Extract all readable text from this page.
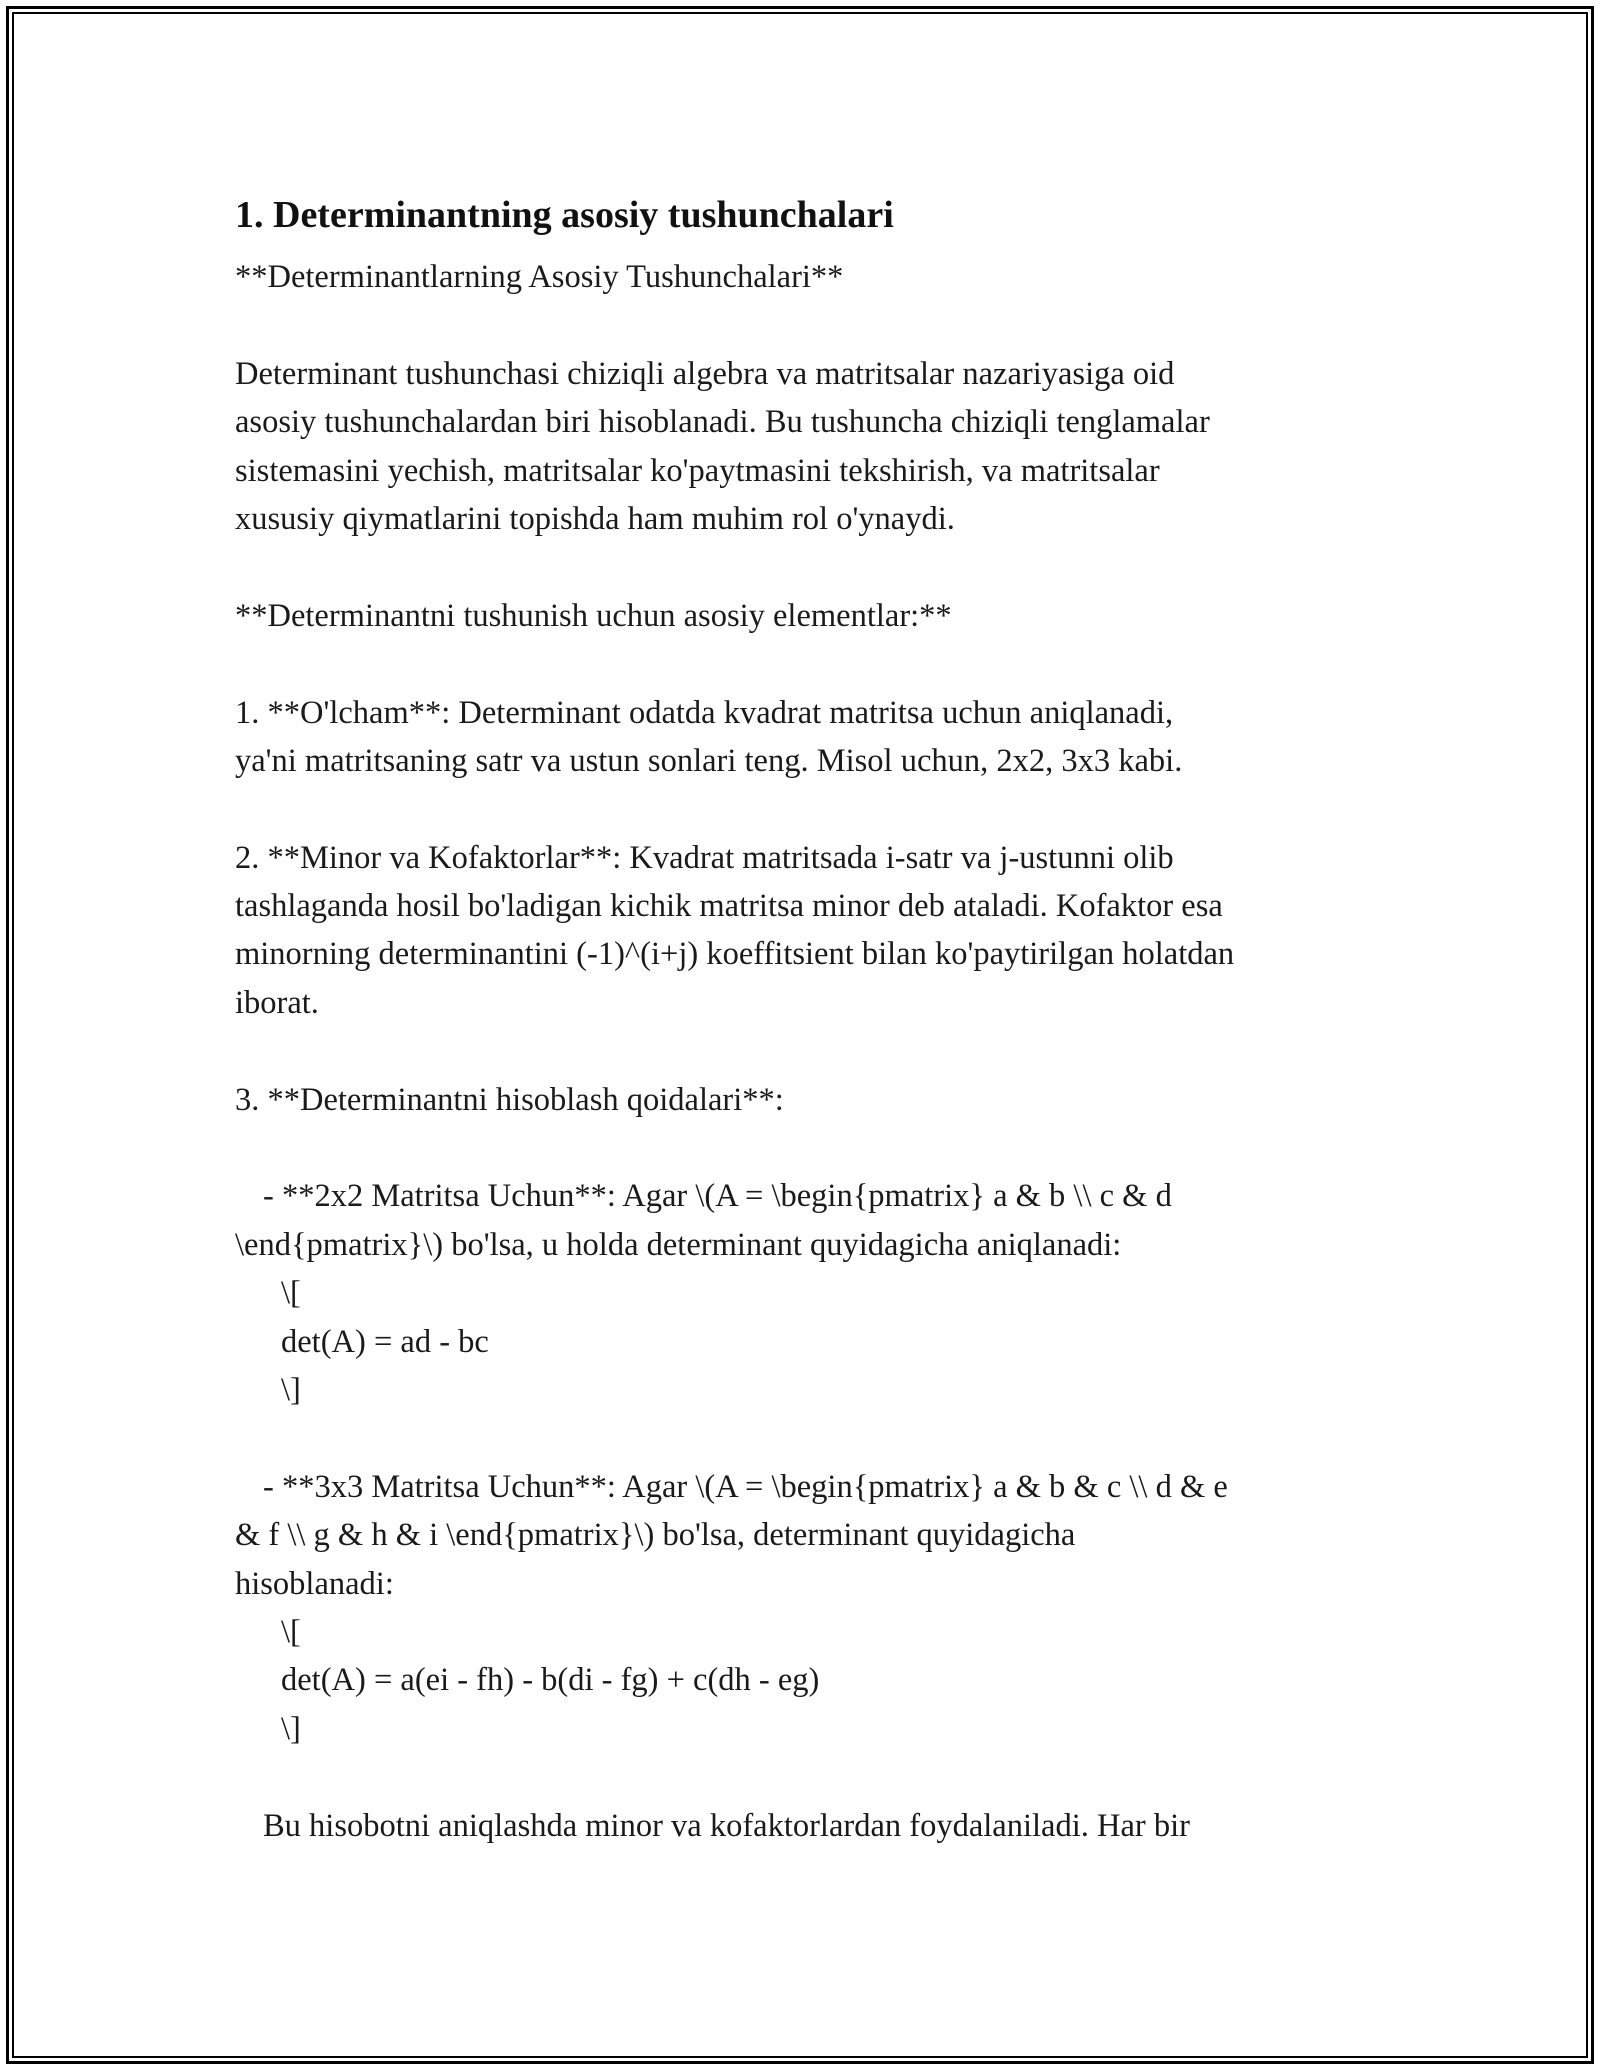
1. Determinantning asosiy tushunchalari
**Determinantlarning Asosiy Tushunchalari**
Determinant tushunchasi chiziqli algebra va matritsalar nazariyasiga oid
asosiy tushunchalardan biri hisoblanadi. Bu tushuncha chiziqli tenglamalar
sistemasini yechish, matritsalar ko'paytmasini tekshirish, va matritsalar
xususiy qiymatlarini topishda ham muhim rol o'ynaydi.
**Determinantni tushunish uchun asosiy elementlar:**
1. **O'lcham**: Determinant odatda kvadrat matritsa uchun aniqlanadi,
ya'ni matritsaning satr va ustun sonlari teng. Misol uchun, 2x2, 3x3 kabi.
2. **Minor va Kofaktorlar**: Kvadrat matritsada i-satr va j-ustunni olib
tashlaganda hosil bo'ladigan kichik matritsa minor deb ataladi. Kofaktor esa
minorning determinantini (-1)^(i+j) koeffitsient bilan ko'paytirilgan holatdan
iborat.
3. **Determinantni hisoblash qoidalari**:
- **2x2 Matritsa Uchun**: Agar \(A = \begin{pmatrix} a & b \\ c & d
\end{pmatrix}\) bo'lsa, u holda determinant quyidagicha aniqlanadi:
\[
det(A) = ad - bc
\]
- **3x3 Matritsa Uchun**: Agar \(A = \begin{pmatrix} a & b & c \\ d & e
& f \\ g & h & i \end{pmatrix}\) bo'lsa, determinant quyidagicha
hisoblanadi:
\[
det(A) = a(ei - fh) - b(di - fg) + c(dh - eg)
\]
Bu hisobotni aniqlashda minor va kofaktorlardan foydalaniladi. Har bir
